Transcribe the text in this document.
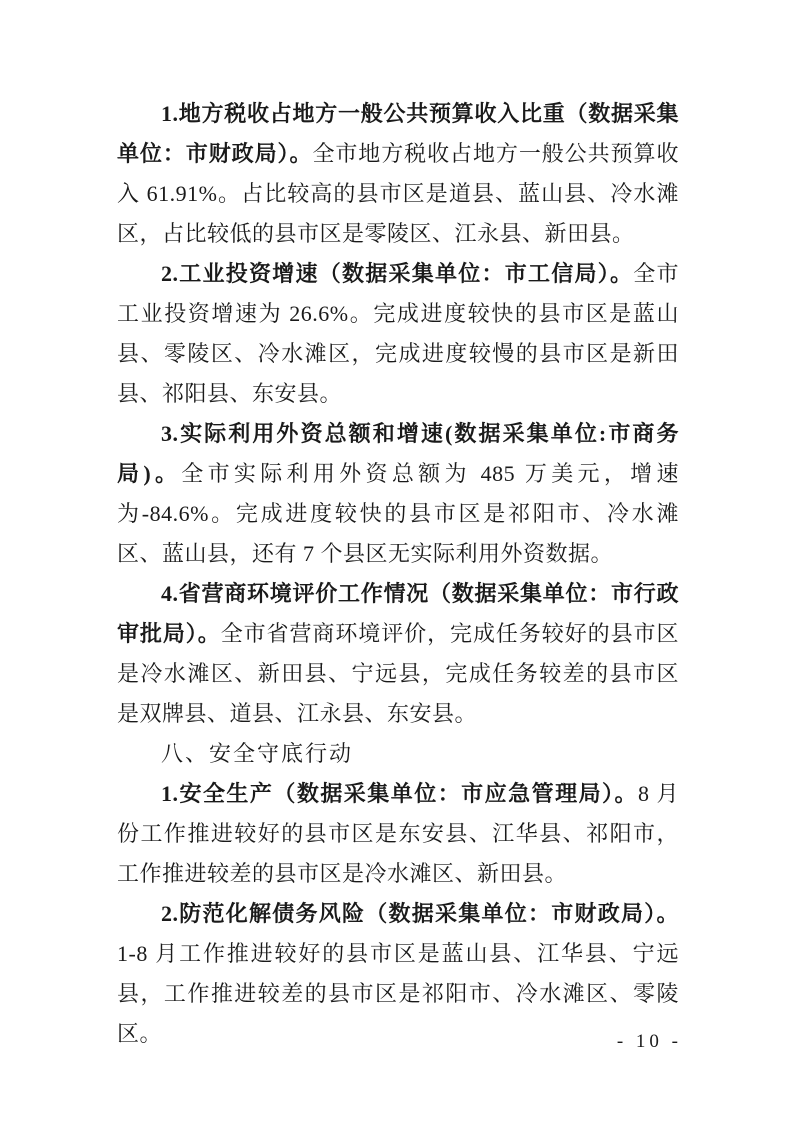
1.地方税收占地方一般公共预算收入比重（数据采集单位：市财政局）。全市地方税收占地方一般公共预算收入 61.91%。占比较高的县市区是道县、蓝山县、冷水滩区，占比较低的县市区是零陵区、江永县、新田县。

2.工业投资增速（数据采集单位：市工信局）。全市工业投资增速为 26.6%。完成进度较快的县市区是蓝山县、零陵区、冷水滩区，完成进度较慢的县市区是新田县、祁阳县、东安县。

3.实际利用外资总额和增速(数据采集单位:市商务局)。全市实际利用外资总额为 485 万美元，增速为-84.6%。完成进度较快的县市区是祁阳市、冷水滩区、蓝山县，还有 7 个县区无实际利用外资数据。

4.省营商环境评价工作情况（数据采集单位：市行政审批局）。全市省营商环境评价，完成任务较好的县市区是冷水滩区、新田县、宁远县，完成任务较差的县市区是双牌县、道县、江永县、东安县。

八、安全守底行动

1.安全生产（数据采集单位：市应急管理局）。8 月份工作推进较好的县市区是东安县、江华县、祁阳市，工作推进较差的县市区是冷水滩区、新田县。

2.防范化解债务风险（数据采集单位：市财政局）。1-8 月工作推进较好的县市区是蓝山县、江华县、宁远县，工作推进较差的县市区是祁阳市、冷水滩区、零陵区。	- 10 -
